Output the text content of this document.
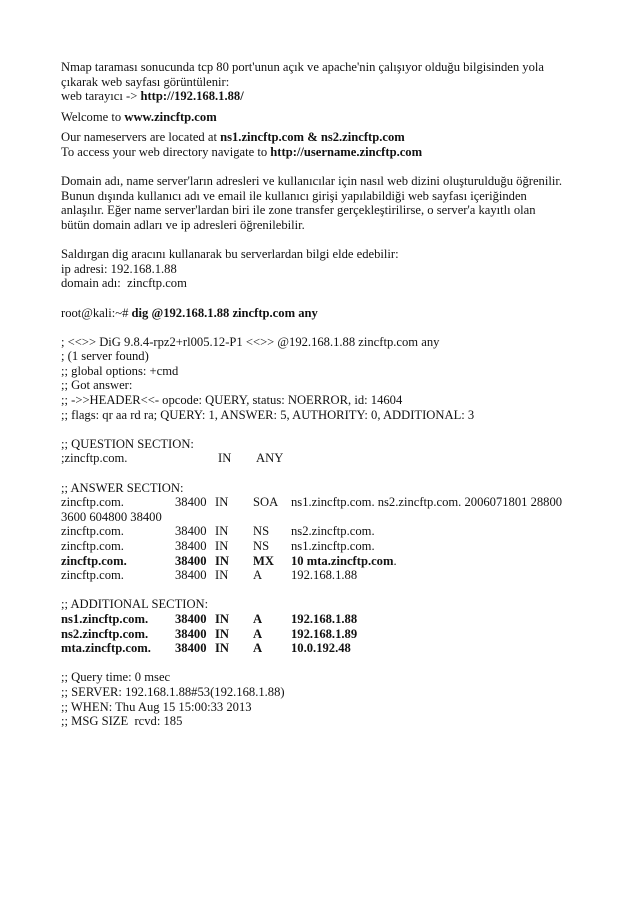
Nmap taraması sonucunda tcp 80 port'unun açık ve apache'nin çalışıyor olduğu bilgisinden yola
çıkarak web sayfası görüntülenir:
web tarayıcı -> http://192.168.1.88/
Welcome to www.zincftp.com
Our nameservers are located at ns1.zincftp.com & ns2.zincftp.com
To access your web directory navigate to http://username.zincftp.com
Domain adı, name server'ların adresleri ve kullanıcılar için nasıl web dizini oluşturulduğu öğrenilir.
Bunun dışında kullanıcı adı ve email ile kullanıcı girişi yapılabildiği web sayfası içeriğinden
anlaşılır. Eğer name server'lardan biri ile zone transfer gerçekleştirilirse, o server'a kayıtlı olan
bütün domain adları ve ip adresleri öğrenilebilir.
Saldırgan dig aracını kullanarak bu serverlardan bilgi elde edebilir:
ip adresi: 192.168.1.88
domain adı:  zincftp.com
root@kali:~# dig @192.168.1.88 zincftp.com any
; <<>> DiG 9.8.4-rpz2+rl005.12-P1 <<>> @192.168.1.88 zincftp.com any
; (1 server found)
;; global options: +cmd
;; Got answer:
;; ->>HEADER<<- opcode: QUERY, status: NOERROR, id: 14604
;; flags: qr aa rd ra; QUERY: 1, ANSWER: 5, AUTHORITY: 0, ADDITIONAL: 3
;; QUESTION SECTION:
;zincftp.com.	IN	ANY
;; ANSWER SECTION:
zincftp.com.	38400 IN	SOA	ns1.zincftp.com. ns2.zincftp.com. 2006071801 28800
3600 604800 38400
zincftp.com.	38400 IN	NS	ns2.zincftp.com.
zincftp.com.	38400 IN	NS	ns1.zincftp.com.
zincftp.com.	38400 IN	MX	10 mta.zincftp.com.
zincftp.com.	38400 IN	A	192.168.1.88
;; ADDITIONAL SECTION:
ns1.zincftp.com.	38400 IN	A	192.168.1.88
ns2.zincftp.com.	38400 IN	A	192.168.1.89
mta.zincftp.com.	38400 IN	A	10.0.192.48
;; Query time: 0 msec
;; SERVER: 192.168.1.88#53(192.168.1.88)
;; WHEN: Thu Aug 15 15:00:33 2013
;; MSG SIZE  rcvd: 185
